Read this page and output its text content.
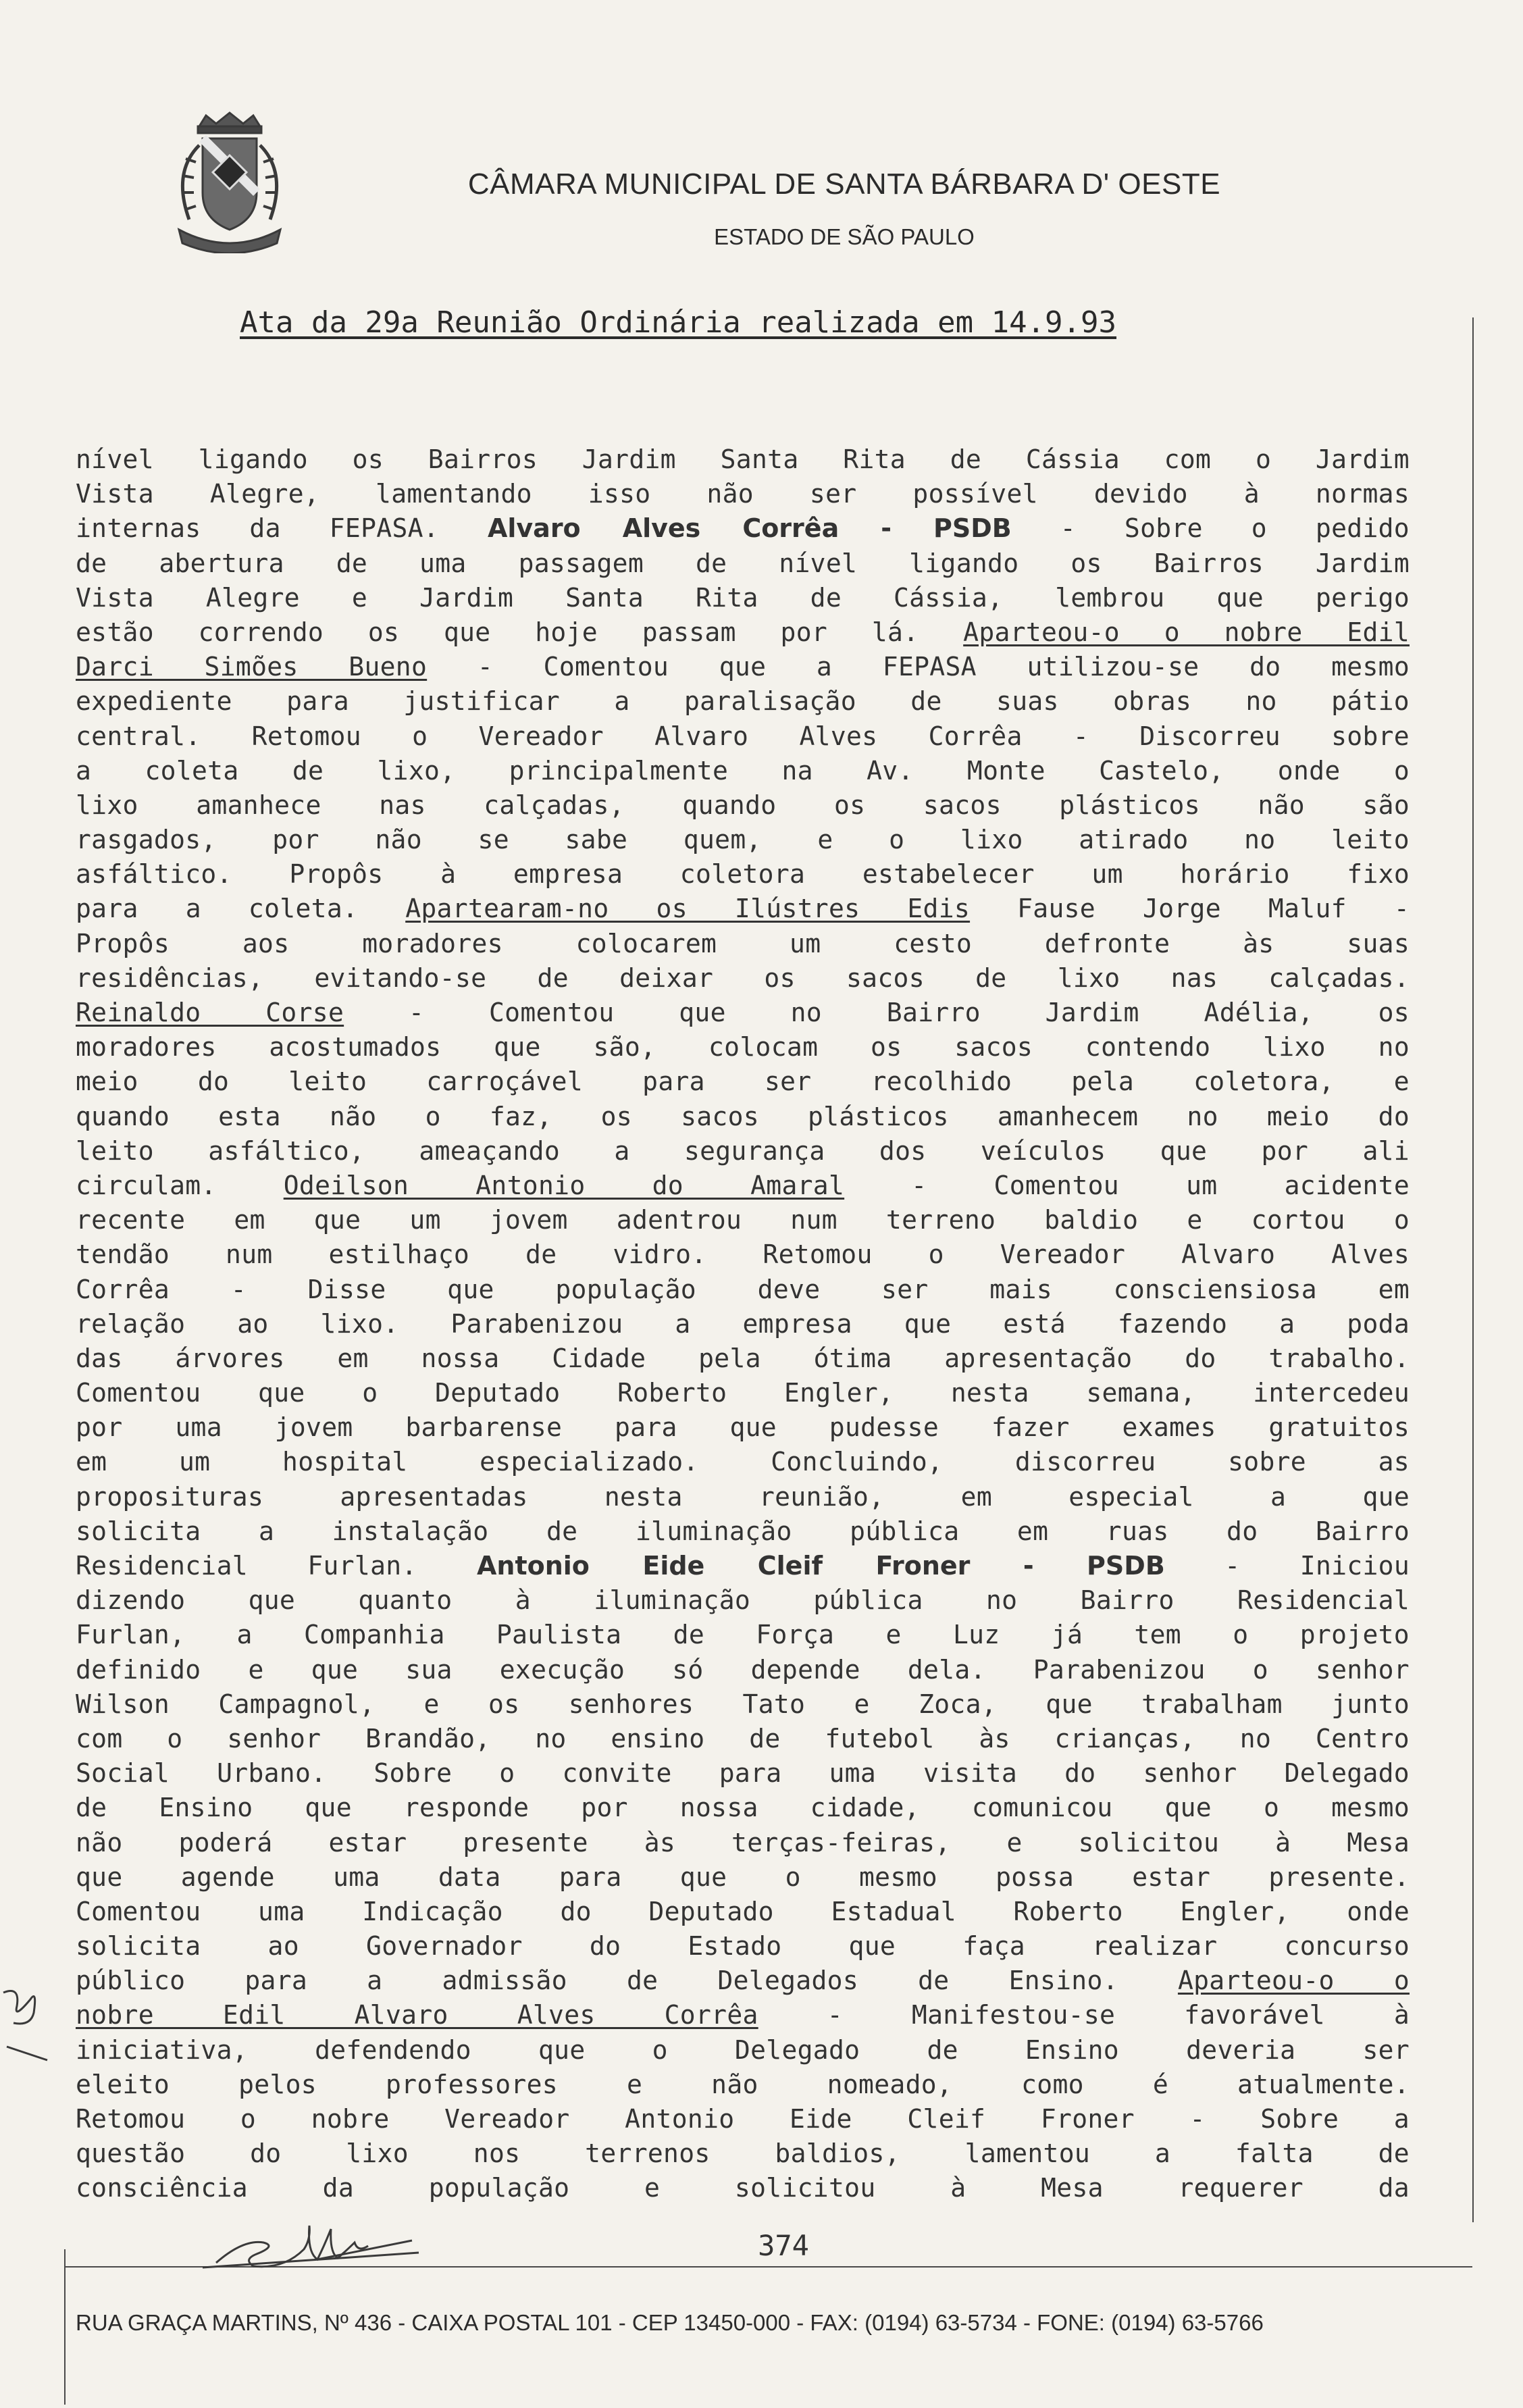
CÂMARA MUNICIPAL DE SANTA BÁRBARA D' OESTE
ESTADO DE SÃO PAULO
Ata da 29a Reunião Ordinária realizada em 14.9.93
nível ligando os Bairros Jardim Santa Rita de Cássia com o Jardim
Vista Alegre, lamentando isso não ser possível devido à normas
internas da FEPASA. Alvaro Alves Corrêa - PSDB - Sobre o pedido
de abertura de uma passagem de nível ligando os Bairros Jardim
Vista Alegre e Jardim Santa Rita de Cássia, lembrou que perigo
estão correndo os que hoje passam por lá. Aparteou-o o nobre Edil
Darci Simões Bueno - Comentou que a FEPASA utilizou-se do mesmo
expediente para justificar a paralisação de suas obras no pátio
central. Retomou o Vereador Alvaro Alves Corrêa - Discorreu sobre
a coleta de lixo, principalmente na Av. Monte Castelo, onde o
lixo amanhece nas calçadas, quando os sacos plásticos não são
rasgados, por não se sabe quem, e o lixo atirado no leito
asfáltico. Propôs à empresa coletora estabelecer um horário fixo
para a coleta. Apartearam-no os Ilústres Edis Fause Jorge Maluf -
Propôs aos moradores colocarem um cesto defronte às suas
residências, evitando-se de deixar os sacos de lixo nas calçadas.
Reinaldo Corse - Comentou que no Bairro Jardim Adélia, os
moradores acostumados que são, colocam os sacos contendo lixo no
meio do leito carroçável para ser recolhido pela coletora, e
quando esta não o faz, os sacos plásticos amanhecem no meio do
leito asfáltico, ameaçando a segurança dos veículos que por ali
circulam. Odeilson Antonio do Amaral - Comentou um acidente
recente em que um jovem adentrou num terreno baldio e cortou o
tendão num estilhaço de vidro. Retomou o Vereador Alvaro Alves
Corrêa - Disse que população deve ser mais consciensiosa em
relação ao lixo. Parabenizou a empresa que está fazendo a poda
das árvores em nossa Cidade pela ótima apresentação do trabalho.
Comentou que o Deputado Roberto Engler, nesta semana, intercedeu
por uma jovem barbarense para que pudesse fazer exames gratuitos
em um hospital especializado. Concluindo, discorreu sobre as
proposituras apresentadas nesta reunião, em especial a que
solicita a instalação de iluminação pública em ruas do Bairro
Residencial Furlan. Antonio Eide Cleif Froner - PSDB - Iniciou
dizendo que quanto à iluminação pública no Bairro Residencial
Furlan, a Companhia Paulista de Força e Luz já tem o projeto
definido e que sua execução só depende dela. Parabenizou o senhor
Wilson Campagnol, e os senhores Tato e Zoca, que trabalham junto
com o senhor Brandão, no ensino de futebol às crianças, no Centro
Social Urbano. Sobre o convite para uma visita do senhor Delegado
de Ensino que responde por nossa cidade, comunicou que o mesmo
não poderá estar presente às terças-feiras, e solicitou à Mesa
que agende uma data para que o mesmo possa estar presente.
Comentou uma Indicação do Deputado Estadual Roberto Engler, onde
solicita ao Governador do Estado que faça realizar concurso
público para a admissão de Delegados de Ensino. Aparteou-o o
nobre Edil Alvaro Alves Corrêa - Manifestou-se favorável à
iniciativa, defendendo que o Delegado de Ensino deveria ser
eleito pelos professores e não nomeado, como é atualmente.
Retomou o nobre Vereador Antonio Eide Cleif Froner - Sobre a
questão do lixo nos terrenos baldios, lamentou a falta de
consciência da população e solicitou à Mesa requerer da
374
RUA GRAÇA MARTINS, Nº 436 - CAIXA POSTAL 101 - CEP 13450-000 - FAX: (0194) 63-5734 - FONE: (0194) 63-5766
